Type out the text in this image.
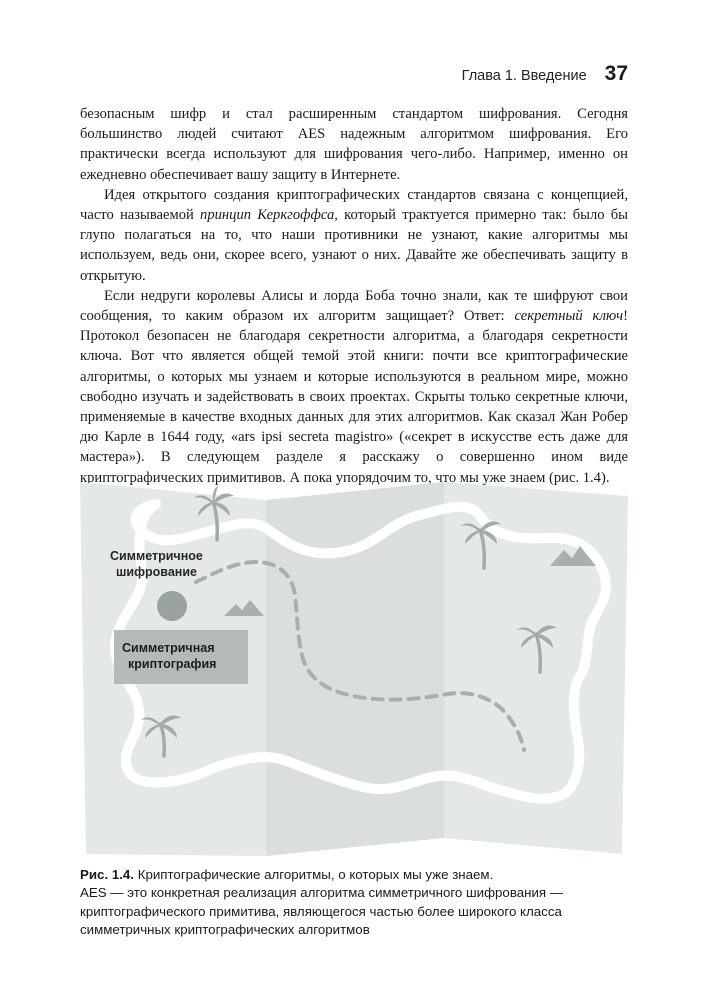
Глава 1. Введение 37

безопасным шифр и стал расширенным стандартом шифрования. Сегодня большинство людей считают AES надежным алгоритмом шифрования. Его практически всегда используют для шифрования чего-либо. Например, именно он ежедневно обеспечивает вашу защиту в Интернете.

Идея открытого создания криптографических стандартов связана с концепцией, часто называемой принцип Керкгоффса, который трактуется примерно так: было бы глупо полагаться на то, что наши противники не узнают, какие алгоритмы мы используем, ведь они, скорее всего, узнают о них. Давайте же обеспечивать защиту в открытую.

Если недруги королевы Алисы и лорда Боба точно знали, как те шифруют свои сообщения, то каким образом их алгоритм защищает? Ответ: секретный ключ! Протокол безопасен не благодаря секретности алгоритма, а благодаря секретности ключа. Вот что является общей темой этой книги: почти все криптографические алгоритмы, о которых мы узнаем и которые используются в реальном мире, можно свободно изучать и задействовать в своих проектах. Скрыты только секретные ключи, применяемые в качестве входных данных для этих алгоритмов. Как сказал Жан Робер дю Карле в 1644 году, «ars ipsi secreta magistro» («секрет в искусстве есть даже для мастера»). В следующем разделе я расскажу о совершенно ином виде криптографических примитивов. А пока упорядочим то, что мы уже знаем (рис. 1.4).

Симметричное
шифрование
Симметричная
криптография
Рис. 1.4. Криптографические алгоритмы, о которых мы уже знаем.
AES — это конкретная реализация алгоритма симметричного шифрования — криптографического примитива, являющегося частью более широкого класса симметричных криптографических алгоритмов
